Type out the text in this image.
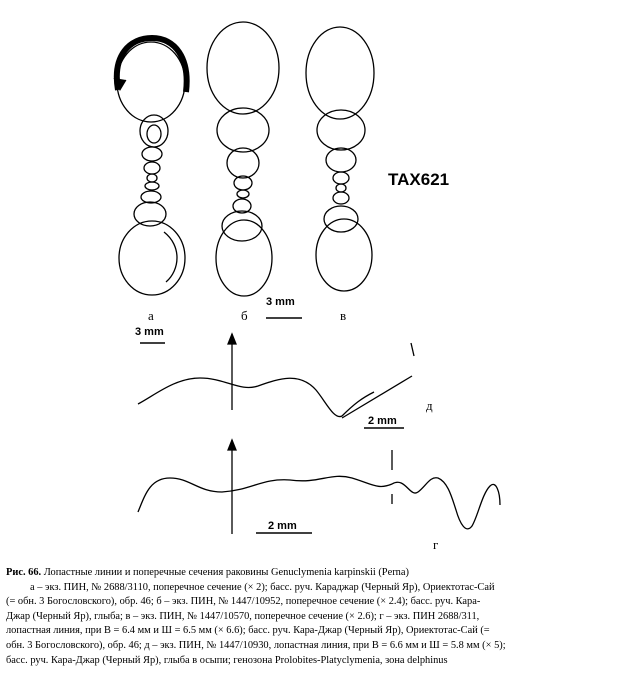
а	б	в
д
г
TAX621
3 mm
3 mm
2 mm
2 mm

Рис. 66. Лопастные линии и поперечные сечения раковины Genuclymenia karpinskii (Perna)

а – экз. ПИН, № 2688/3110, поперечное сечение (× 2); басс. руч. Караджар (Черный Яр), Ориектотас-Сай

(= обн. 3 Богословского), обр. 46; б – экз. ПИН, № 1447/10952, поперечное сечение (× 2.4); басс. руч. Кара-

Джар (Черный Яр), глыба; в – экз. ПИН, № 1447/10570, поперечное сечение (× 2.6); г – экз. ПИН 2688/311,

лопастная линия, при В = 6.4 мм и Ш = 6.5 мм (× 6.6); басс. руч. Кара-Джар (Черный Яр), Ориектотас-Сай (=

обн. 3 Богословского), обр. 46; д – экз. ПИН, № 1447/10930, лопастная линия, при В = 6.6 мм и Ш = 5.8 мм (× 5);

басс. руч. Кара-Джар (Черный Яр), глыба в осыпи; генозона Prolobites-Platyclymenia, зона delphinus
